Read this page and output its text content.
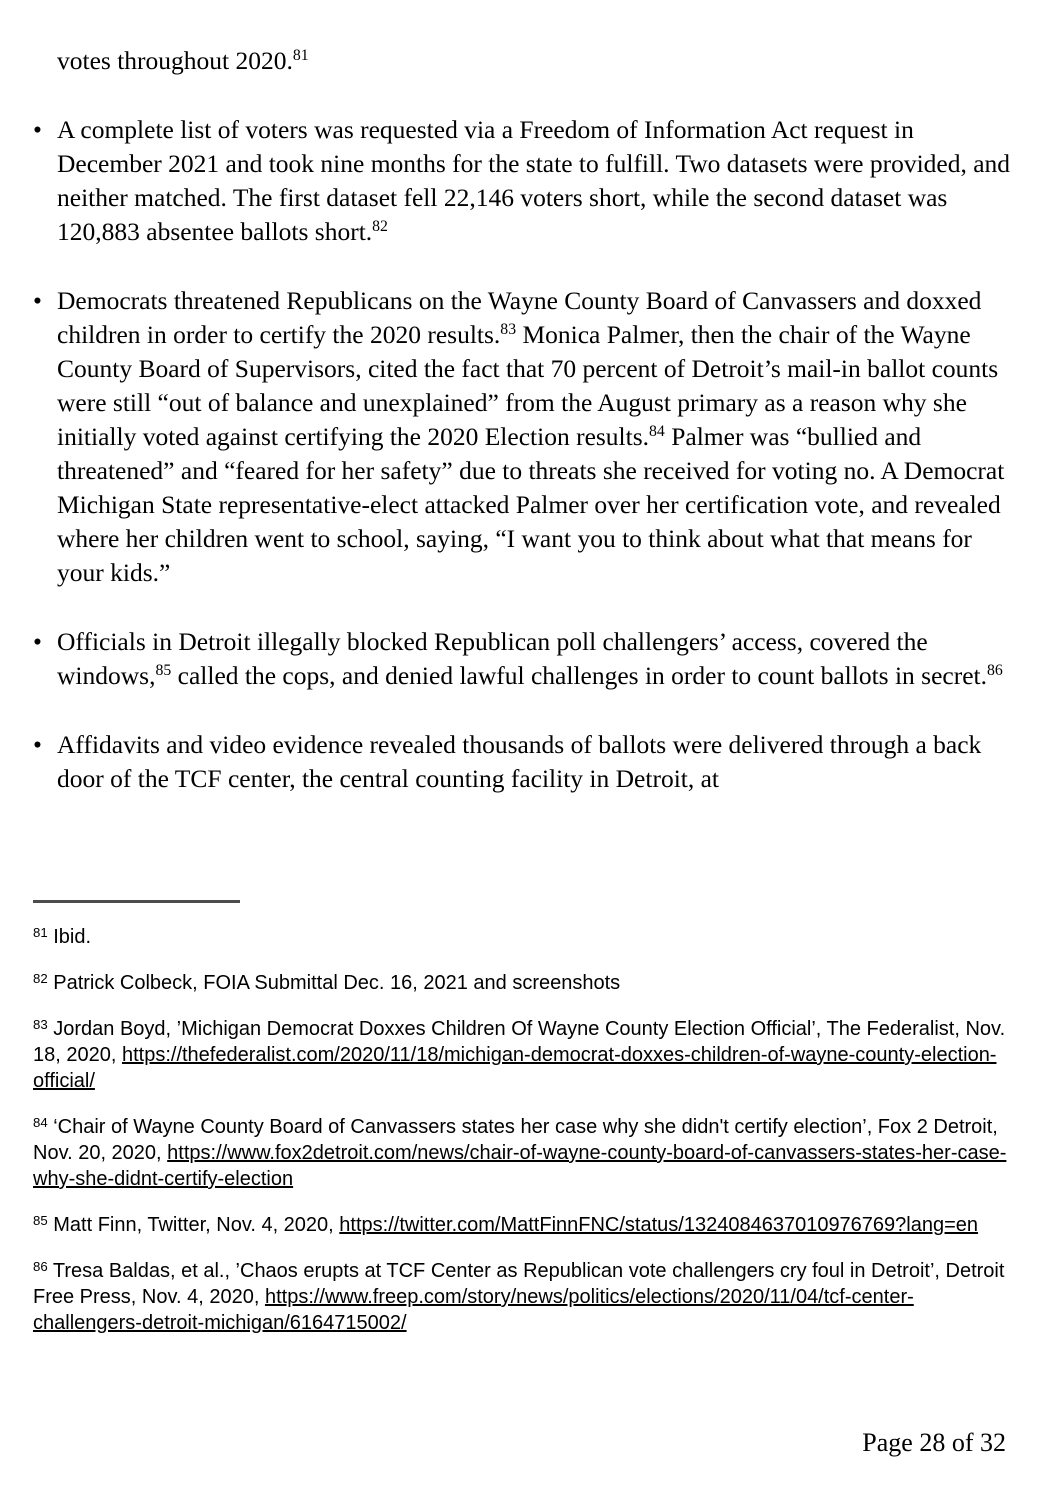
votes throughout 2020.81

• A complete list of voters was requested via a Freedom of Information Act request in December 2021 and took nine months for the state to fulfill. Two datasets were provided, and neither matched. The first dataset fell 22,146 voters short, while the second dataset was 120,883 absentee ballots short.$^{82}$

• Democrats threatened Republicans on the Wayne County Board of Canvassers and doxxed children in order to certify the 2020 results.$^{83}$ Monica Palmer, then the chair of the Wayne County Board of Supervisors, cited the fact that 70 percent of Detroit’s mail-in ballot counts were still “out of balance and unexplained” from the August primary as a reason why she initially voted against certifying the 2020 Election results.$^{84}$ Palmer was “bullied and threatened” and “feared for her safety” due to threats she received for voting no. A Democrat Michigan State representative-elect attacked Palmer over her certification vote, and revealed where her children went to school, saying, “I want you to think about what that means for your kids.”

• Officials in Detroit illegally blocked Republican poll challengers’ access, covered the windows,$^{85}$ called the cops, and denied lawful challenges in order to count ballots in secret.$^{86}$

• Affidavits and video evidence revealed thousands of ballots were delivered through a back door of the TCF center, the central counting facility in Detroit, at

$^{81}$ Ibid.

$^{82}$ Patrick Colbeck, FOIA Submittal Dec. 16, 2021 and screenshots

$^{83}$ Jordan Boyd, ’Michigan Democrat Doxxes Children Of Wayne County Election Official’, The Federalist, Nov. 18, 2020, https://thefederalist.com/2020/11/18/michigan-democrat-doxxes-children-of-wayne-county-election-official/

$^{84}$ ‘Chair of Wayne County Board of Canvassers states her case why she didn't certify election’, Fox 2 Detroit, Nov. 20, 2020, https://www.fox2detroit.com/news/chair-of-wayne-county-board-of-canvassers-states-her-case-why-she-didnt-certify-election

$^{85}$ Matt Finn, Twitter, Nov. 4, 2020, https://twitter.com/MattFinnFNC/status/1324084637010976769?lang=en

$^{86}$ Tresa Baldas, et al., ’Chaos erupts at TCF Center as Republican vote challengers cry foul in Detroit’, Detroit Free Press, Nov. 4, 2020, https://www.freep.com/story/news/politics/elections/2020/11/04/tcf-center-challengers-detroit-michigan/6164715002/

Page 28 of 32
